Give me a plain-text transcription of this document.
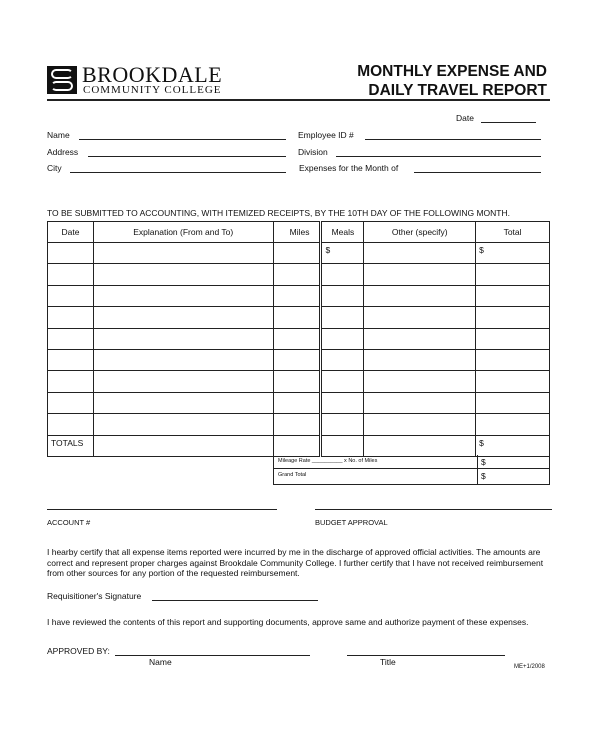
BROOKDALE
COMMUNITY COLLEGE
MONTHLY EXPENSE AND
DAILY TRAVEL REPORT
Date
Name
Address
City
Employee ID #
Division
Expenses for the Month of
TO BE SUBMITTED TO ACCOUNTING, WITH ITEMIZED RECEIPTS, BY THE 10TH DAY OF THE FOLLOWING MONTH.
Date	Explanation (From and To)	Miles	Meals	Other (specify)	Total
			$		$

TOTALS					$
Mileage Rate __________ x No. of Miles	$
Grand Total	$
ACCOUNT #	BUDGET APPROVAL

I hearby certify that all expense items reported were incurred by me in the discharge of approved official activities. The amounts are correct and represent proper charges against Brookdale Community College. I further certify that I have not received reimbursement from other sources for any portion of the requested reimbursement.

Requisitioner's Signature

I have reviewed the contents of this report and supporting documents, approve same and authorize payment of these expenses.

APPROVED BY:
Name	Title	ME+1/2008
